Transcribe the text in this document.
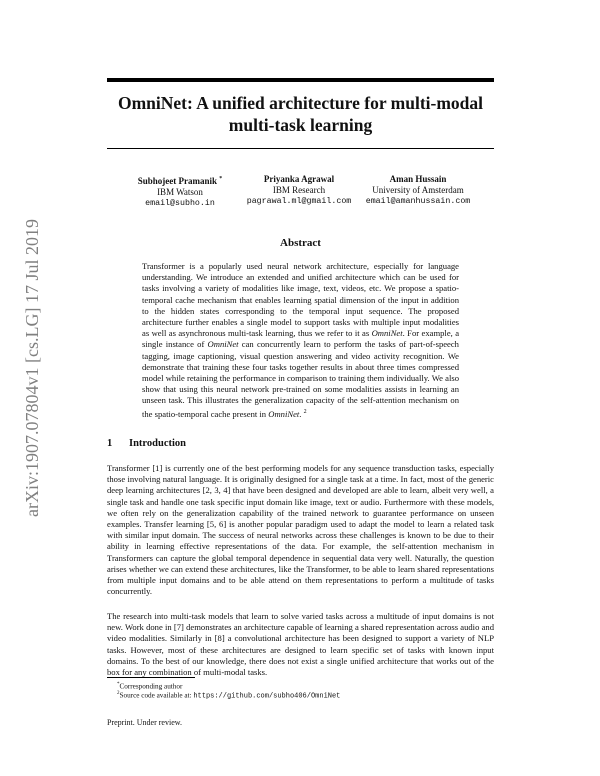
arXiv:1907.07804v1 [cs.LG] 17 Jul 2019
OmniNet: A unified architecture for multi-modal
multi-task learning
Subhojeet Pramanik *
IBM Watson
email@subho.in
Priyanka Agrawal
IBM Research
pagrawal.ml@gmail.com
Aman Hussain
University of Amsterdam
email@amanhussain.com
Abstract
Transformer is a popularly used neural network architecture, especially for language understanding. We introduce an extended and unified architecture which can be used for tasks involving a variety of modalities like image, text, videos, etc. We propose a spatio-temporal cache mechanism that enables learning spatial dimension of the input in addition to the hidden states corresponding to the temporal input sequence. The proposed architecture further enables a single model to support tasks with multiple input modalities as well as asynchronous multi-task learning, thus we refer to it as OmniNet. For example, a single instance of OmniNet can concurrently learn to perform the tasks of part-of-speech tagging, image captioning, visual question answering and video activity recognition. We demonstrate that training these four tasks together results in about three times compressed model while retaining the performance in comparison to training them individually. We also show that using this neural network pre-trained on some modalities assists in learning an unseen task. This illustrates the generalization capacity of the self-attention mechanism on the spatio-temporal cache present in OmniNet. $^2$
1 Introduction
Transformer [1] is currently one of the best performing models for any sequence transduction tasks, especially those involving natural language. It is originally designed for a single task at a time. In fact, most of the generic deep learning architectures [2, 3, 4] that have been designed and developed are able to learn, albeit very well, a single task and handle one task specific input domain like image, text or audio. Furthermore with these models, we often rely on the generalization capability of the trained network to guarantee performance on unseen examples. Transfer learning [5, 6] is another popular paradigm used to adapt the model to learn a related task with similar input domain. The success of neural networks across these challenges is known to be due to their ability in learning effective representations of the data. For example, the self-attention mechanism in Transformers can capture the global temporal dependence in sequential data very well. Naturally, the question arises whether we can extend these architectures, like the Transformer, to be able to learn shared representations from multiple input domains and to be able attend on them representations to perform a multitude of tasks concurrently.
The research into multi-task models that learn to solve varied tasks across a multitude of input domains is not new. Work done in [7] demonstrates an architecture capable of learning a shared representation across audio and video modalities. Similarly in [8] a convolutional architecture has been designed to support a variety of NLP tasks. However, most of these architectures are designed to learn specific set of tasks with known input domains. To the best of our knowledge, there does not exist a single unified architecture that works out of the box for any combination of multi-modal tasks.
*Corresponding author
$^2$Source code available at: https://github.com/subho406/OmniNet
Preprint. Under review.
